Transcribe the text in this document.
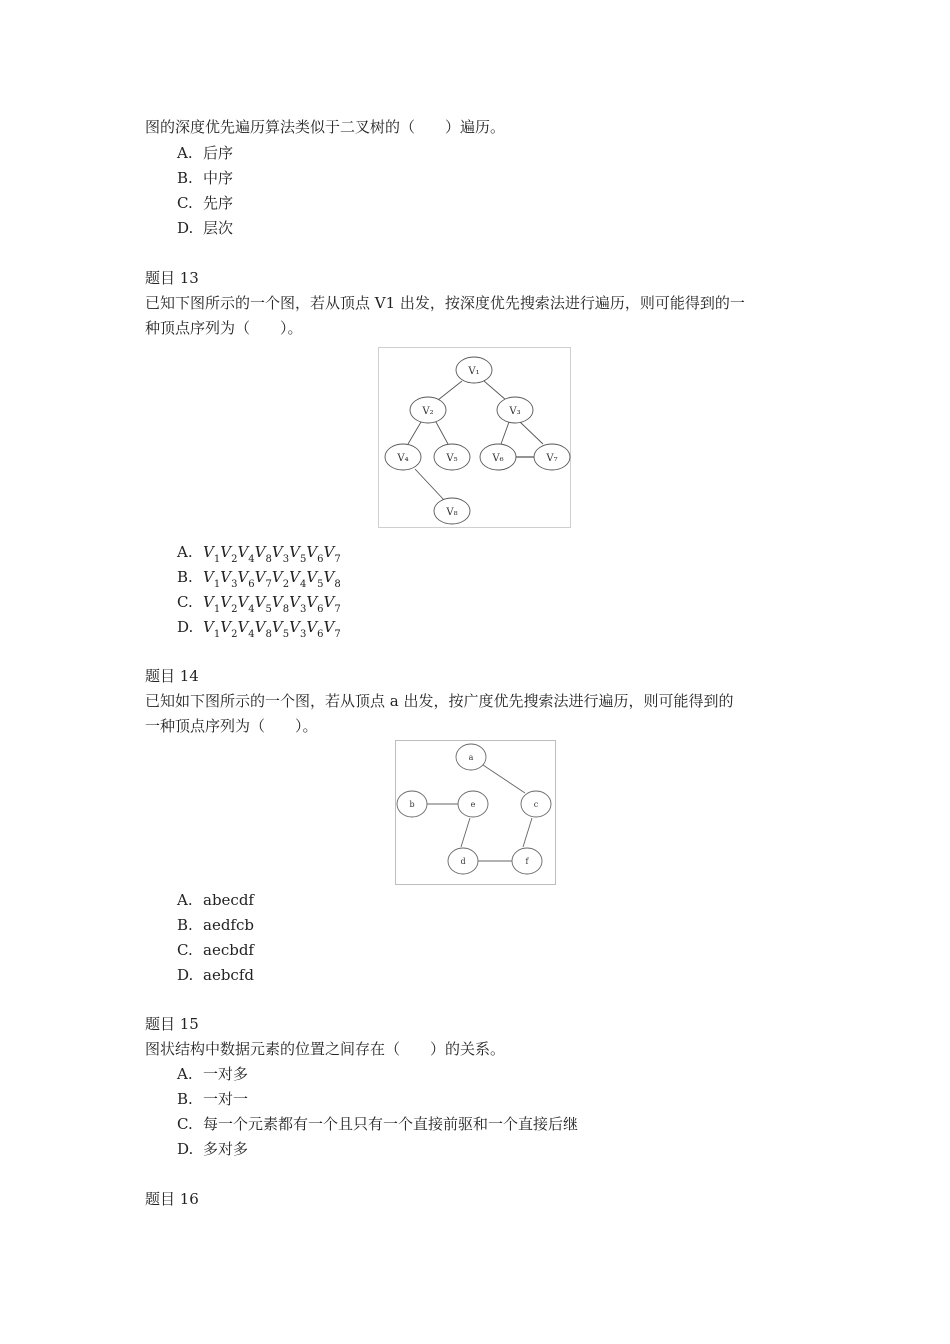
图的深度优先遍历算法类似于二叉树的（　　）遍历。
A. 后序
B. 中序
C. 先序
D. 层次
题目 13
已知下图所示的一个图，若从顶点 V1 出发，按深度优先搜索法进行遍历，则可能得到的一
种顶点序列为（　　）。
V₁
V₂	V₃
V₄	V₅	V₆	V₇
V₈
A. $V_1V_2V_4V_8V_3V_5V_6V_7$
B. $V_1V_3V_6V_7V_2V_4V_5V_8$
C. $V_1V_2V_4V_5V_8V_3V_6V_7$
D. $V_1V_2V_4V_8V_5V_3V_6V_7$
题目 14
已知如下图所示的一个图，若从顶点 a 出发，按广度优先搜索法进行遍历，则可能得到的
一种顶点序列为（　　）。
a
b	e	c
d	f
A. abecdf
B. aedfcb
C. aecbdf
D. aebcfd
题目 15
图状结构中数据元素的位置之间存在（　　）的关系。
A. 一对多
B. 一对一
C. 每一个元素都有一个且只有一个直接前驱和一个直接后继
D. 多对多
题目 16
